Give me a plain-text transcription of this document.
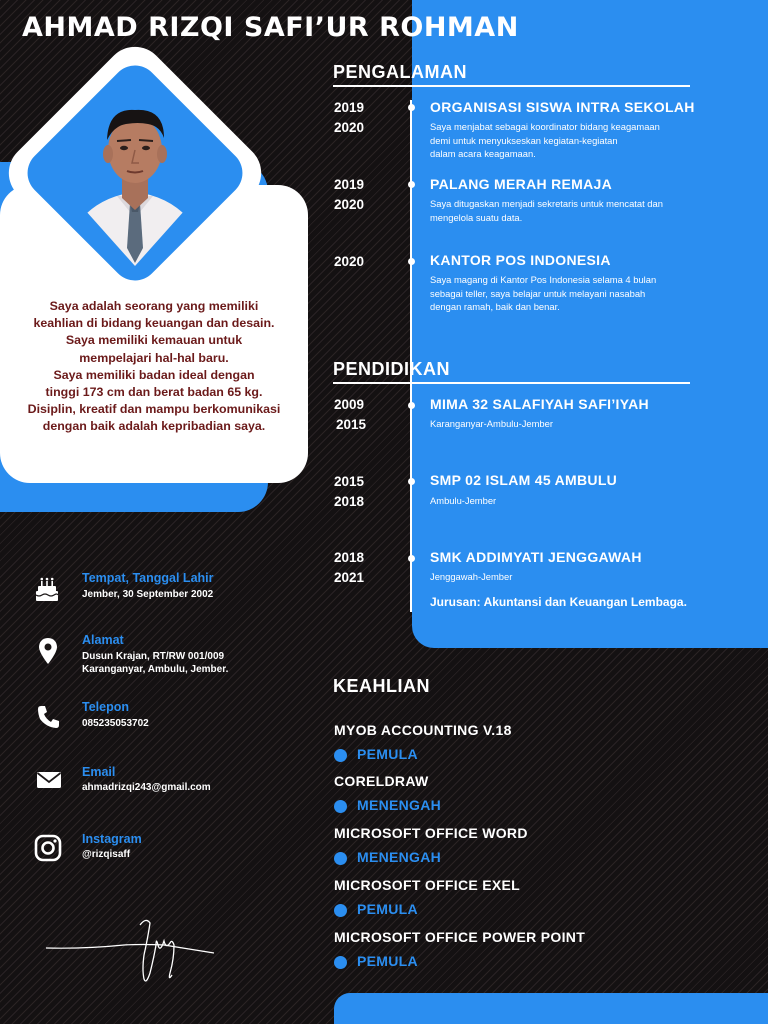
AHMAD RIZQI SAFI’UR ROHMAN
Saya adalah seorang yang memiliki
keahlian di bidang keuangan dan desain.
Saya memiliki kemauan untuk
mempelajari hal-hal baru.
Saya memiliki badan ideal dengan
tinggi 173 cm dan berat badan 65 kg.
Disiplin, kreatif dan mampu berkomunikasi
dengan baik adalah kepribadian saya.
Tempat, Tanggal Lahir
Jember, 30 September 2002
Alamat
Dusun Krajan, RT/RW 001/009
Karanganyar, Ambulu, Jember.
Telepon
085235053702
Email
ahmadrizqi243@gmail.com
Instagram
@rizqisaff
PENGALAMAN
2019
2020
ORGANISASI SISWA INTRA SEKOLAH
Saya menjabat sebagai koordinator bidang keagamaan
demi untuk menyukseskan kegiatan-kegiatan
dalam acara keagamaan.
2019
2020
PALANG MERAH REMAJA
Saya ditugaskan menjadi sekretaris untuk mencatat dan
mengelola suatu data.
2020	KANTOR POS INDONESIA
Saya magang di Kantor Pos Indonesia selama 4 bulan
sebagai teller, saya belajar untuk melayani nasabah
dengan ramah, baik dan benar.
PENDIDIKAN
2009
2015
MIMA 32 SALAFIYAH SAFI’IYAH
Karanganyar-Ambulu-Jember
2015
2018
SMP 02 ISLAM 45 AMBULU
Ambulu-Jember
2018
2021
SMK ADDIMYATI JENGGAWAH
Jenggawah-Jember
Jurusan: Akuntansi dan Keuangan Lembaga.
KEAHLIAN
MYOB ACCOUNTING V.18
PEMULA
CORELDRAW
MENENGAH
MICROSOFT OFFICE WORD
MENENGAH
MICROSOFT OFFICE EXEL
PEMULA
MICROSOFT OFFICE POWER POINT
PEMULA
